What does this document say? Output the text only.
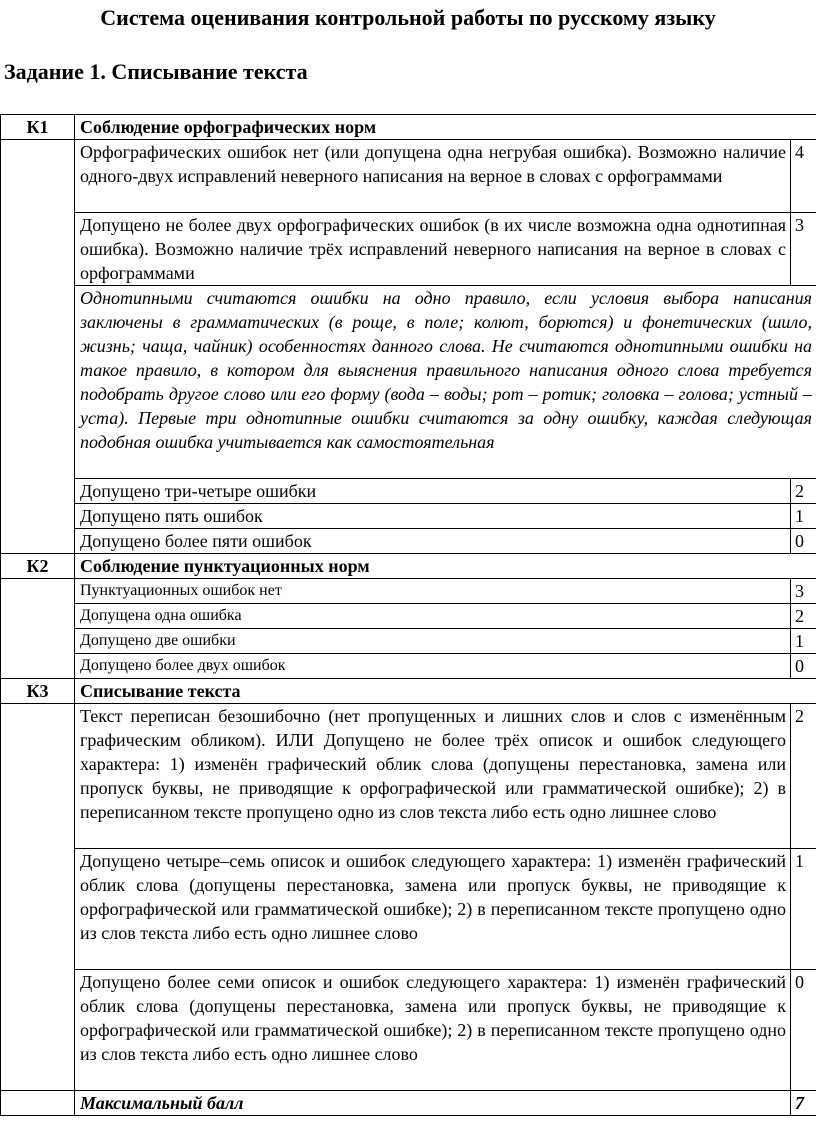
Система оценивания контрольной работы по русскому языку
Задание 1. Списывание текста
К1	Соблюдение орфографических норм	
	Орфографических ошибок нет (или допущена одна негрубая ошибка). Возможно наличие одного-двух исправлений неверного написания на верное в словах с орфограммами	4
	Допущено не более двух орфографических ошибок (в их числе возможна одна однотипная ошибка). Возможно наличие трёх исправлений неверного написания на верное в словах с орфограммами	3
	Однотипными считаются ошибки на одно правило, если условия выбора написания заключены в грамматических (в роще, в поле; колют, борются) и фонетических (шило, жизнь; чаща, чайник) особенностях данного слова. Не считаются однотипными ошибки на такое правило, в котором для выяснения правильного написания одного слова требуется подобрать другое слово или его форму (вода – воды; рот – ротик; головка – голова; устный – уста). Первые три однотипные ошибки считаются за одну ошибку, каждая следующая подобная ошибка учитывается как самостоятельная	
	Допущено три-четыре ошибки	2
	Допущено пять ошибок	1
	Допущено более пяти ошибок	0
К2	Соблюдение пунктуационных норм	
	Пунктуационных ошибок нет	3
	Допущена одна ошибка	2
	Допущено две ошибки	1
	Допущено более двух ошибок	0
К3	Списывание текста	
	Текст переписан безошибочно (нет пропущенных и лишних слов и слов с изменённым графическим обликом). ИЛИ Допущено не более трёх описок и ошибок следующего характера: 1) изменён графический облик слова (допущены перестановка, замена или пропуск буквы, не приводящие к орфографической или грамматической ошибке); 2) в переписанном тексте пропущено одно из слов текста либо есть одно лишнее слово	2
	Допущено четыре–семь описок и ошибок следующего характера: 1) изменён графический облик слова (допущены перестановка, замена или пропуск буквы, не приводящие к орфографической или грамматической ошибке); 2) в переписанном тексте пропущено одно из слов текста либо есть одно лишнее слово	1
	Допущено более семи описок и ошибок следующего характера: 1) изменён графический облик слова (допущены перестановка, замена или пропуск буквы, не приводящие к орфографической или грамматической ошибке); 2) в переписанном тексте пропущено одно из слов текста либо есть одно лишнее слово	0
	Максимальный балл	7
